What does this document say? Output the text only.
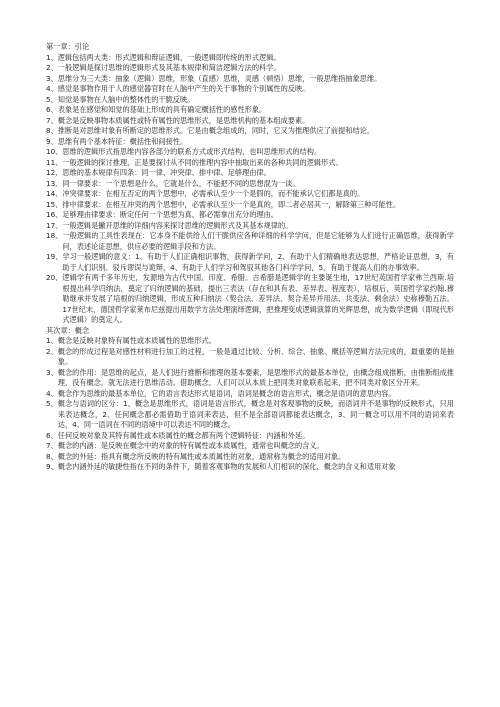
第一章：引论
1、 逻辑包括两大类：形式逻辑和辩证逻辑，一般逻辑即传统的形式逻辑。
2、 一般逻辑是探讨思维的逻辑形式及其基本规律和简洁逻辑方法的科学。
3、 思维分为三大类：抽象（逻辑）思维，形象（直感）思维，灵感（顿悟）思维，一般思维指抽象思维。
4、 感觉是事物作用于人的感觉器官时在人脑中产生的关于事物的个别属性的反映。
5、 知觉是事物在人脑中的整体性的干脆反映。
6、 表象是在感觉和知觉的基础上形成的具有确定概括性的感性形象。
7、 概念是反映事物本质属性或特有属性的思维形式，是思维机构的基本组成要素。
8、 推断是对思维对象有所断定的思维形式。它是由概念组成的，同时，它又为推理供应了前提和结论。
9、 思维有两个基本特征：概括性和间接性。
10、 思维的逻辑形式指思维内容各部分的联系方式或形式结构，也叫思维形式的结构。
11、 一般逻辑的探讨推理，正是要探讨从不同的推理内容中抽取出来的各种共同的逻辑形式。
12、 思维的基本规律有四条：同一律、冲突律、排中律、足够理由律。
13、 同一律要求：一个思想是什么，它就是什么，不能把不同的思想混为一谈。
14、 冲突律要求：在相互否定的两个思想中，必需承认至少一个是假的，而不能承认它们都是真的。
15、 排中律要求：在相互冲突的两个思想中，必需承认至少一个是真的，即二者必居其一，解除第三种可能性。
16、 足够理由律要求：断定任何一个思想为真，都必需拿出充分的理由。
17、 一般逻辑是撇开思维的详细内容来探讨思维的逻辑形式及其基本规律的。
18、 一般逻辑的工具性表现在：它本身不能供给人们干脆供应各种详细的科学学问，但是它能够为人们进行正确思维，获得新学问，表述论证思想，供应必要的逻辑手段和方法。
19、 学习一般逻辑的意义：1、有助于人们正确相识事物，获得新学问，2、有助于人们精确地表达思想，严格论证思想，3，有助于人们识别、驳斥谬误与诡辩，4、有助于人们学习和驾驭其他各门科学学问，5、有助于提高人们的办事效率。
20、 逻辑学有两千多年历史，发源地为古代中国、印度、希腊。古希腊是逻辑学的主要诞生地，17世纪英国哲学家弗兰西斯.培根提出科学归纳法，奠定了归纳逻辑的基础，提出三表法（存在和具有表、差异表、程度表），培根后，英国哲学家约翰.穆勒继承并发展了培根的归纳逻辑，形成五种归纳法（契合法、差异法、契合差异并用法、共变法、剩余法）史称穆勒五法。17世纪末，德国哲学家莱布尼兹提出用数学方法处理演绎逻辑，把推理变成逻辑演算的光辉思想，成为数学逻辑（即现代形式逻辑）的奠定人。
其次章：概念
1、 概念是反映对象特有属性或本质属性的思维形式。
2、 概念的形成过程是对感性材料进行加工的过程，一般是通过比较、分析、综合、抽象、概括等逻辑方法完成的，最重要的是抽象。
3、 概念的作用：是思维的起点，是人们进行推断和推理的基本要素，是思维形式的最基本单位，由概念组成推断，由推断组成推理，没有概念，就无法进行思维活动。借助概念，人们可以从本质上把同类对象联系起来，把不同类对象区分开来。
4、 概念作为思维的最基本单位，它的语言表达形式是语词，语词是概念的语言形式，概念是语词的意思内容。
5、 概念与语词的区分：1、概念是思维形式，语词是语言形式，概念是对客观事物的反映，而语词并不是事物的反映形式，只用来表达概念，2、任何概念都必需借助于语词来表达，但不是全部语词都能表达概念，3、同一概念可以用不同的语词来表达，4、同一语词在不同的语境中可以表达不同的概念。
6、 任何反映对象及其特有属性或本质属性的概念都有两个逻辑特征：内涵和外延。
7、 概念的内涵：是反映在概念中的对象的特有属性或本质属性，通常也叫概念的含义。
8、 概念的外延：指具有概念所反映的特有属性或本质属性的对象，通常称为概念的适用对象。
9、 概念内涵外延的敏捷性指在不同的条件下，随着客观事物的发展和人们相识的深化，概念的含义和适用对象
